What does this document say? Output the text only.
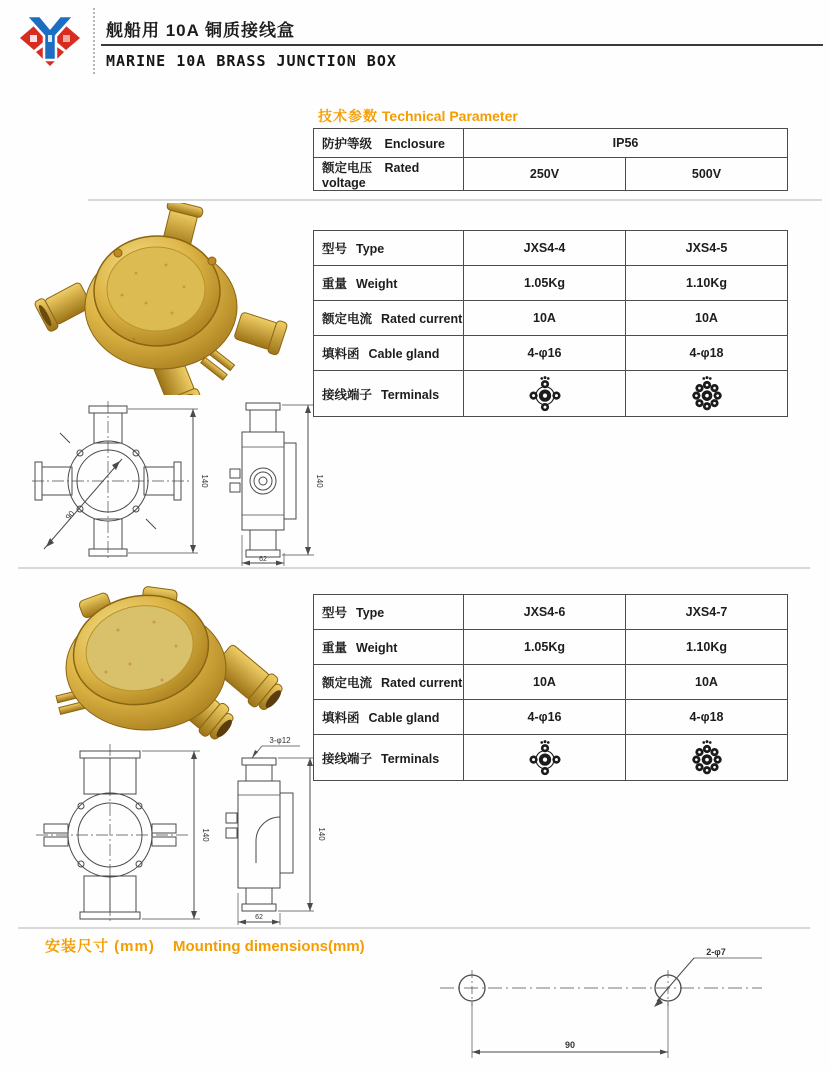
舰船用 10A 铜质接线盒
MARINE 10A BRASS JUNCTION BOX
技术参数 Technical Parameter
防护等级 Enclosure	IP56	
额定电压 Rated voltage	250V	500V
型号 Type	JXS4-4	JXS4-5
重量 Weight	1.05Kg	1.10Kg
额定电流 Rated current	10A	10A
填料函 Cable gland	4-φ16	4-φ18
接线端子 Terminals		
90
140	140
62
型号 Type	JXS4-6	JXS4-7
重量 Weight	1.05Kg	1.10Kg
额定电流 Rated current	10A	10A
填料函 Cable gland	4-φ16	4-φ18
接线端子 Terminals		
140
3-φ12
140
62
安装尺寸 (mm) Mounting dimensions(mm)	2-φ7
90
